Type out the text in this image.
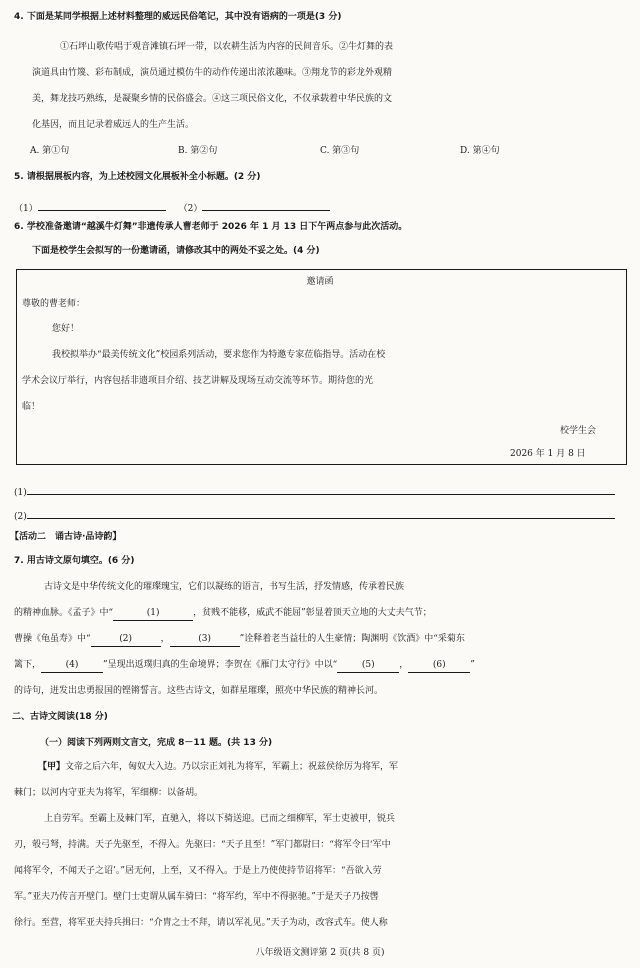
4. 下面是某同学根据上述材料整理的威远民俗笔记，其中没有语病的一项是(3 分)
①石坪山歌传唱于观音滩镇石坪一带，以农耕生活为内容的民间音乐。②牛灯舞的表
演道具由竹篾、彩布制成，演员通过模仿牛的动作传递出浓浓趣味。③翔龙节的彩龙外观精
美，舞龙技巧熟练，是凝聚乡情的民俗盛会。④这三项民俗文化，不仅承载着中华民族的文
化基因，而且记录着威远人的生产生活。
A. 第①句	B. 第②句	C. 第③句	D. 第④句
5. 请根据展板内容，为上述校园文化展板补全小标题。(2 分)
（1）	（2）
6. 学校准备邀请“越溪牛灯舞”非遗传承人曹老师于 2026 年 1 月 13 日下午两点参与此次活动。
下面是校学生会拟写的一份邀请函，请修改其中的两处不妥之处。(4 分)
邀请函
尊敬的曹老师：
您好！
我校拟举办“最美传统文化”校园系列活动，要求您作为特邀专家莅临指导。活动在校
学术会议厅举行，内容包括非遗项目介绍、技艺讲解及现场互动交流等环节。期待您的光
临！
校学生会
2026 年 1 月 8 日
(1)
(2)
【活动二　诵古诗·品诗韵】
7. 用古诗文原句填空。(6 分)
古诗文是中华传统文化的璀璨瑰宝，它们以凝练的语言，书写生活，抒发情感，传承着民族
的精神血脉。《孟子》中“	(1)	，贫贱不能移，威武不能屈”彰显着顶天立地的大丈夫气节；
曹操《龟虽寿》中“	(2)	，	(3)	”诠释着老当益壮的人生豪情；陶渊明《饮酒》中“采菊东
篱下，	(4)	”呈现出返璞归真的生命境界；李贺在《雁门太守行》中以“	(5)	，	(6)	”
的诗句，迸发出忠勇报国的铿锵誓言。这些古诗文，如群星璀璨，照亮中华民族的精神长河。
二、古诗文阅读(18 分)
（一）阅读下列两则文言文，完成 8－11 题。(共 13 分)
【甲】文帝之后六年，匈奴大入边。乃以宗正刘礼为将军，军霸上；祝兹侯徐厉为将军，军
棘门；以河内守亚夫为将军，军细柳：以备胡。
上自劳军。至霸上及棘门军，直驰入，将以下骑送迎。已而之细柳军，军士吏被甲，锐兵
刃，彀弓弩，持满。天子先驱至，不得入。先驱曰：“天子且至！”军门都尉曰：“将军令曰‘军中
闻将军令，不闻天子之诏’。”居无何，上至，又不得入。于是上乃使使持节诏将军：“吾欲入劳
军。”亚夫乃传言开壁门。壁门士吏谓从属车骑曰：“将军约，军中不得驱驰。”于是天子乃按辔
徐行。至营，将军亚夫持兵揖曰：“介胄之士不拜，请以军礼见。”天子为动，改容式车。使人称
八年级语文测评第 2 页(共 8 页)
